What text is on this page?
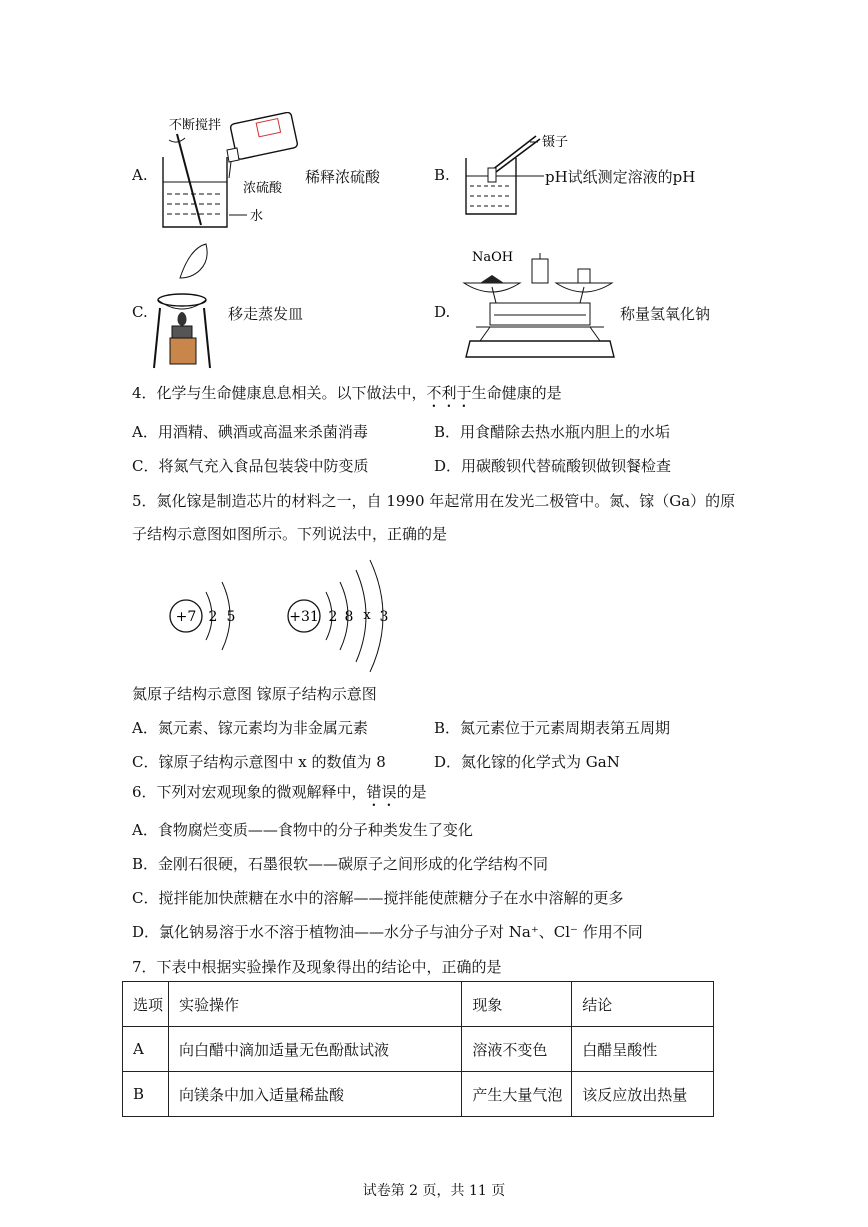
A.
不断搅拌
浓硫酸
水
稀释浓硫酸	B.
镊子
pH试纸测定溶液的pH
C.	移走蒸发皿	D.
NaOH
称量氢氧化钠
4．化学与生命健康息息相关。以下做法中，不利于生命健康的是
A．用酒精、碘酒或高温来杀菌消毒	B．用食醋除去热水瓶内胆上的水垢
C．将氮气充入食品包装袋中防变质	D．用碳酸钡代替硫酸钡做钡餐检查
5．氮化镓是制造芯片的材料之一，自 1990 年起常用在发光二极管中。氮、镓（Ga）的原
子结构示意图如图所示。下列说法中，正确的是
+7 2 5	+31 2 8 x 3
氮原子结构示意图 镓原子结构示意图
A．氮元素、镓元素均为非金属元素	B．氮元素位于元素周期表第五周期
C．镓原子结构示意图中 x 的数值为 8	D．氮化镓的化学式为 GaN
6．下列对宏观现象的微观解释中，错误的是
A．食物腐烂变质——食物中的分子种类发生了变化
B．金刚石很硬，石墨很软——碳原子之间形成的化学结构不同
C．搅拌能加快蔗糖在水中的溶解——搅拌能使蔗糖分子在水中溶解的更多
D．氯化钠易溶于水不溶于植物油——水分子与油分子对 Na⁺、Cl⁻ 作用不同
7．下表中根据实验操作及现象得出的结论中，正确的是
选项	实验操作	现象	结论
A	向白醋中滴加适量无色酚酞试液	溶液不变色	白醋呈酸性
B	向镁条中加入适量稀盐酸	产生大量气泡	该反应放出热量
试卷第 2 页，共 11 页
